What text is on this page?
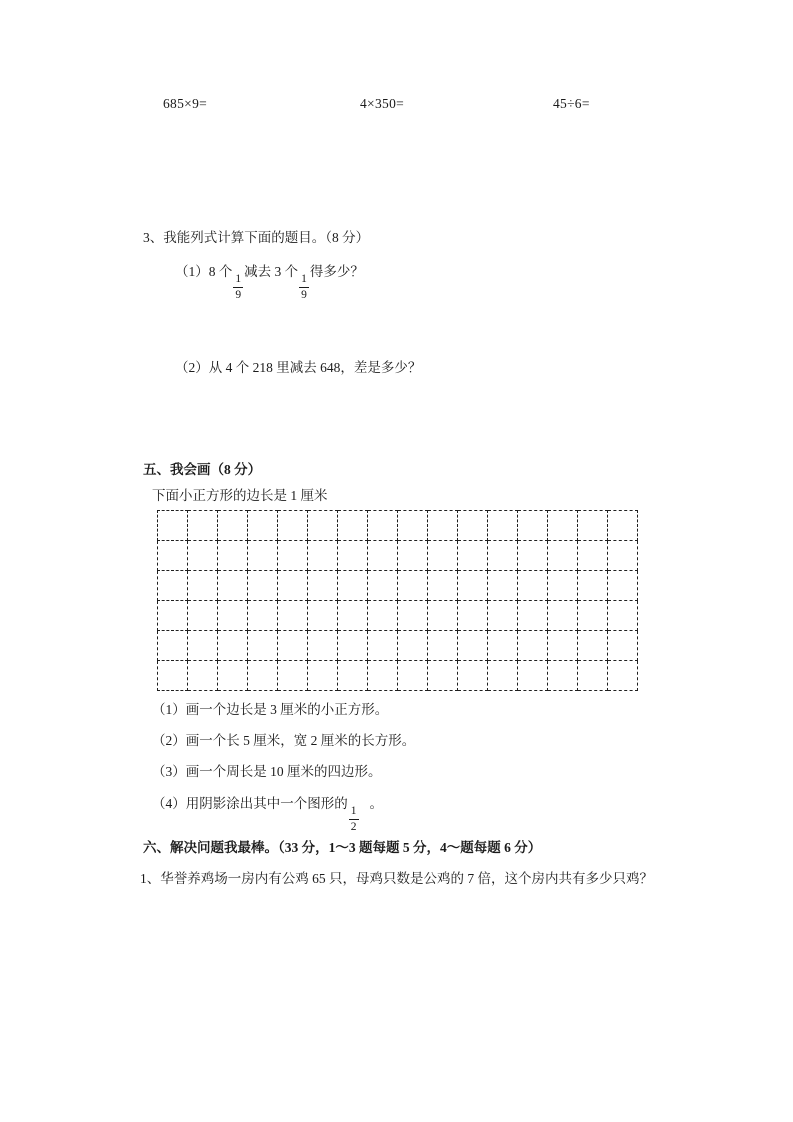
685×9=	4×350=	45÷6=
3、我能列式计算下面的题目。（8 分）
（1）8 个
$\frac{1}{9}$
减去 3 个
$\frac{1}{9}$
得多少？
（2）从 4 个 218 里减去 648，差是多少？
五、我会画（8 分）
下面小正方形的边长是 1 厘米

（1）画一个边长是 3 厘米的小正方形。
（2）画一个长 5 厘米，宽 2 厘米的长方形。
（3）画一个周长是 10 厘米的四边形。
（4）用阴影涂出其中一个图形的
$\frac{1}{2}$
。
六、解决问题我最棒。（33 分，1～3 题每题 5 分，4～题每题 6 分）
1、华誉养鸡场一房内有公鸡 65 只，母鸡只数是公鸡的 7 倍，这个房内共有多少只鸡？
